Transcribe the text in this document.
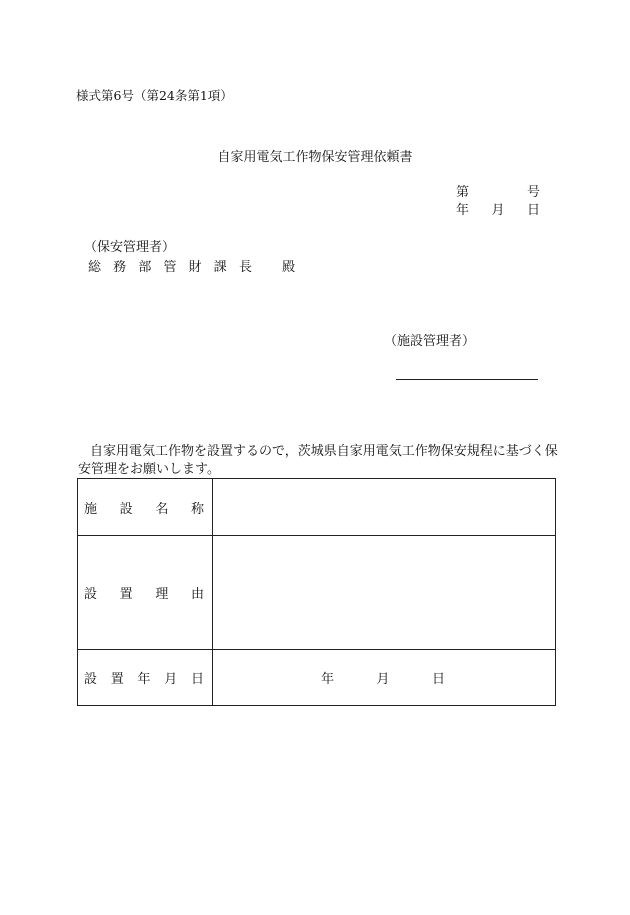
様式第6号（第24条第1項）
自家用電気工作物保安管理依頼書
第	号
年 月 日
（保安管理者）
総 務 部 管 財 課 長 殿
（施設管理者）

自家用電気工作物を設置するので，茨城県自家用電気工作物保安規程に基づく保安管理をお願いします。

施 設 名 称	

設 置 理 由	

設 置 年 月 日	年 月 日
